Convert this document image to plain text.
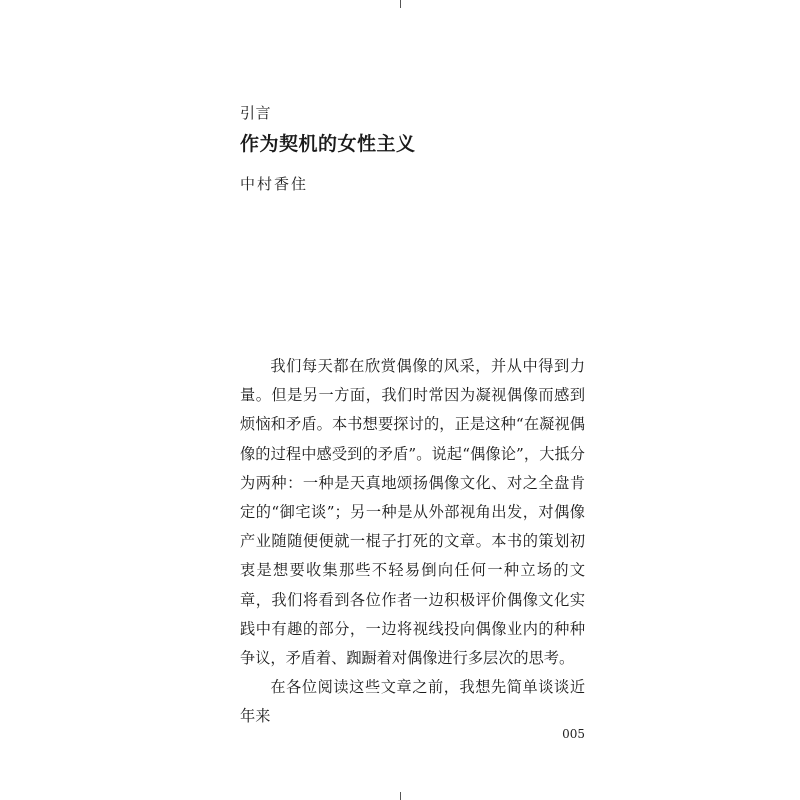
引言
作为契机的女性主义
中村香住

我们每天都在欣赏偶像的风采，并从中得到力量。但是另一方面，我们时常因为凝视偶像而感到烦恼和矛盾。本书想要探讨的，正是这种“在凝视偶像的过程中感受到的矛盾”。说起“偶像论”，大抵分为两种：一种是天真地颂扬偶像文化、对之全盘肯定的“御宅谈”；另一种是从外部视角出发，对偶像产业随随便便就一棍子打死的文章。本书的策划初衷是想要收集那些不轻易倒向任何一种立场的文章，我们将看到各位作者一边积极评价偶像文化实践中有趣的部分，一边将视线投向偶像业内的种种争议，矛盾着、踟蹰着对偶像进行多层次的思考。

在各位阅读这些文章之前，我想先简单谈谈近年来

005
